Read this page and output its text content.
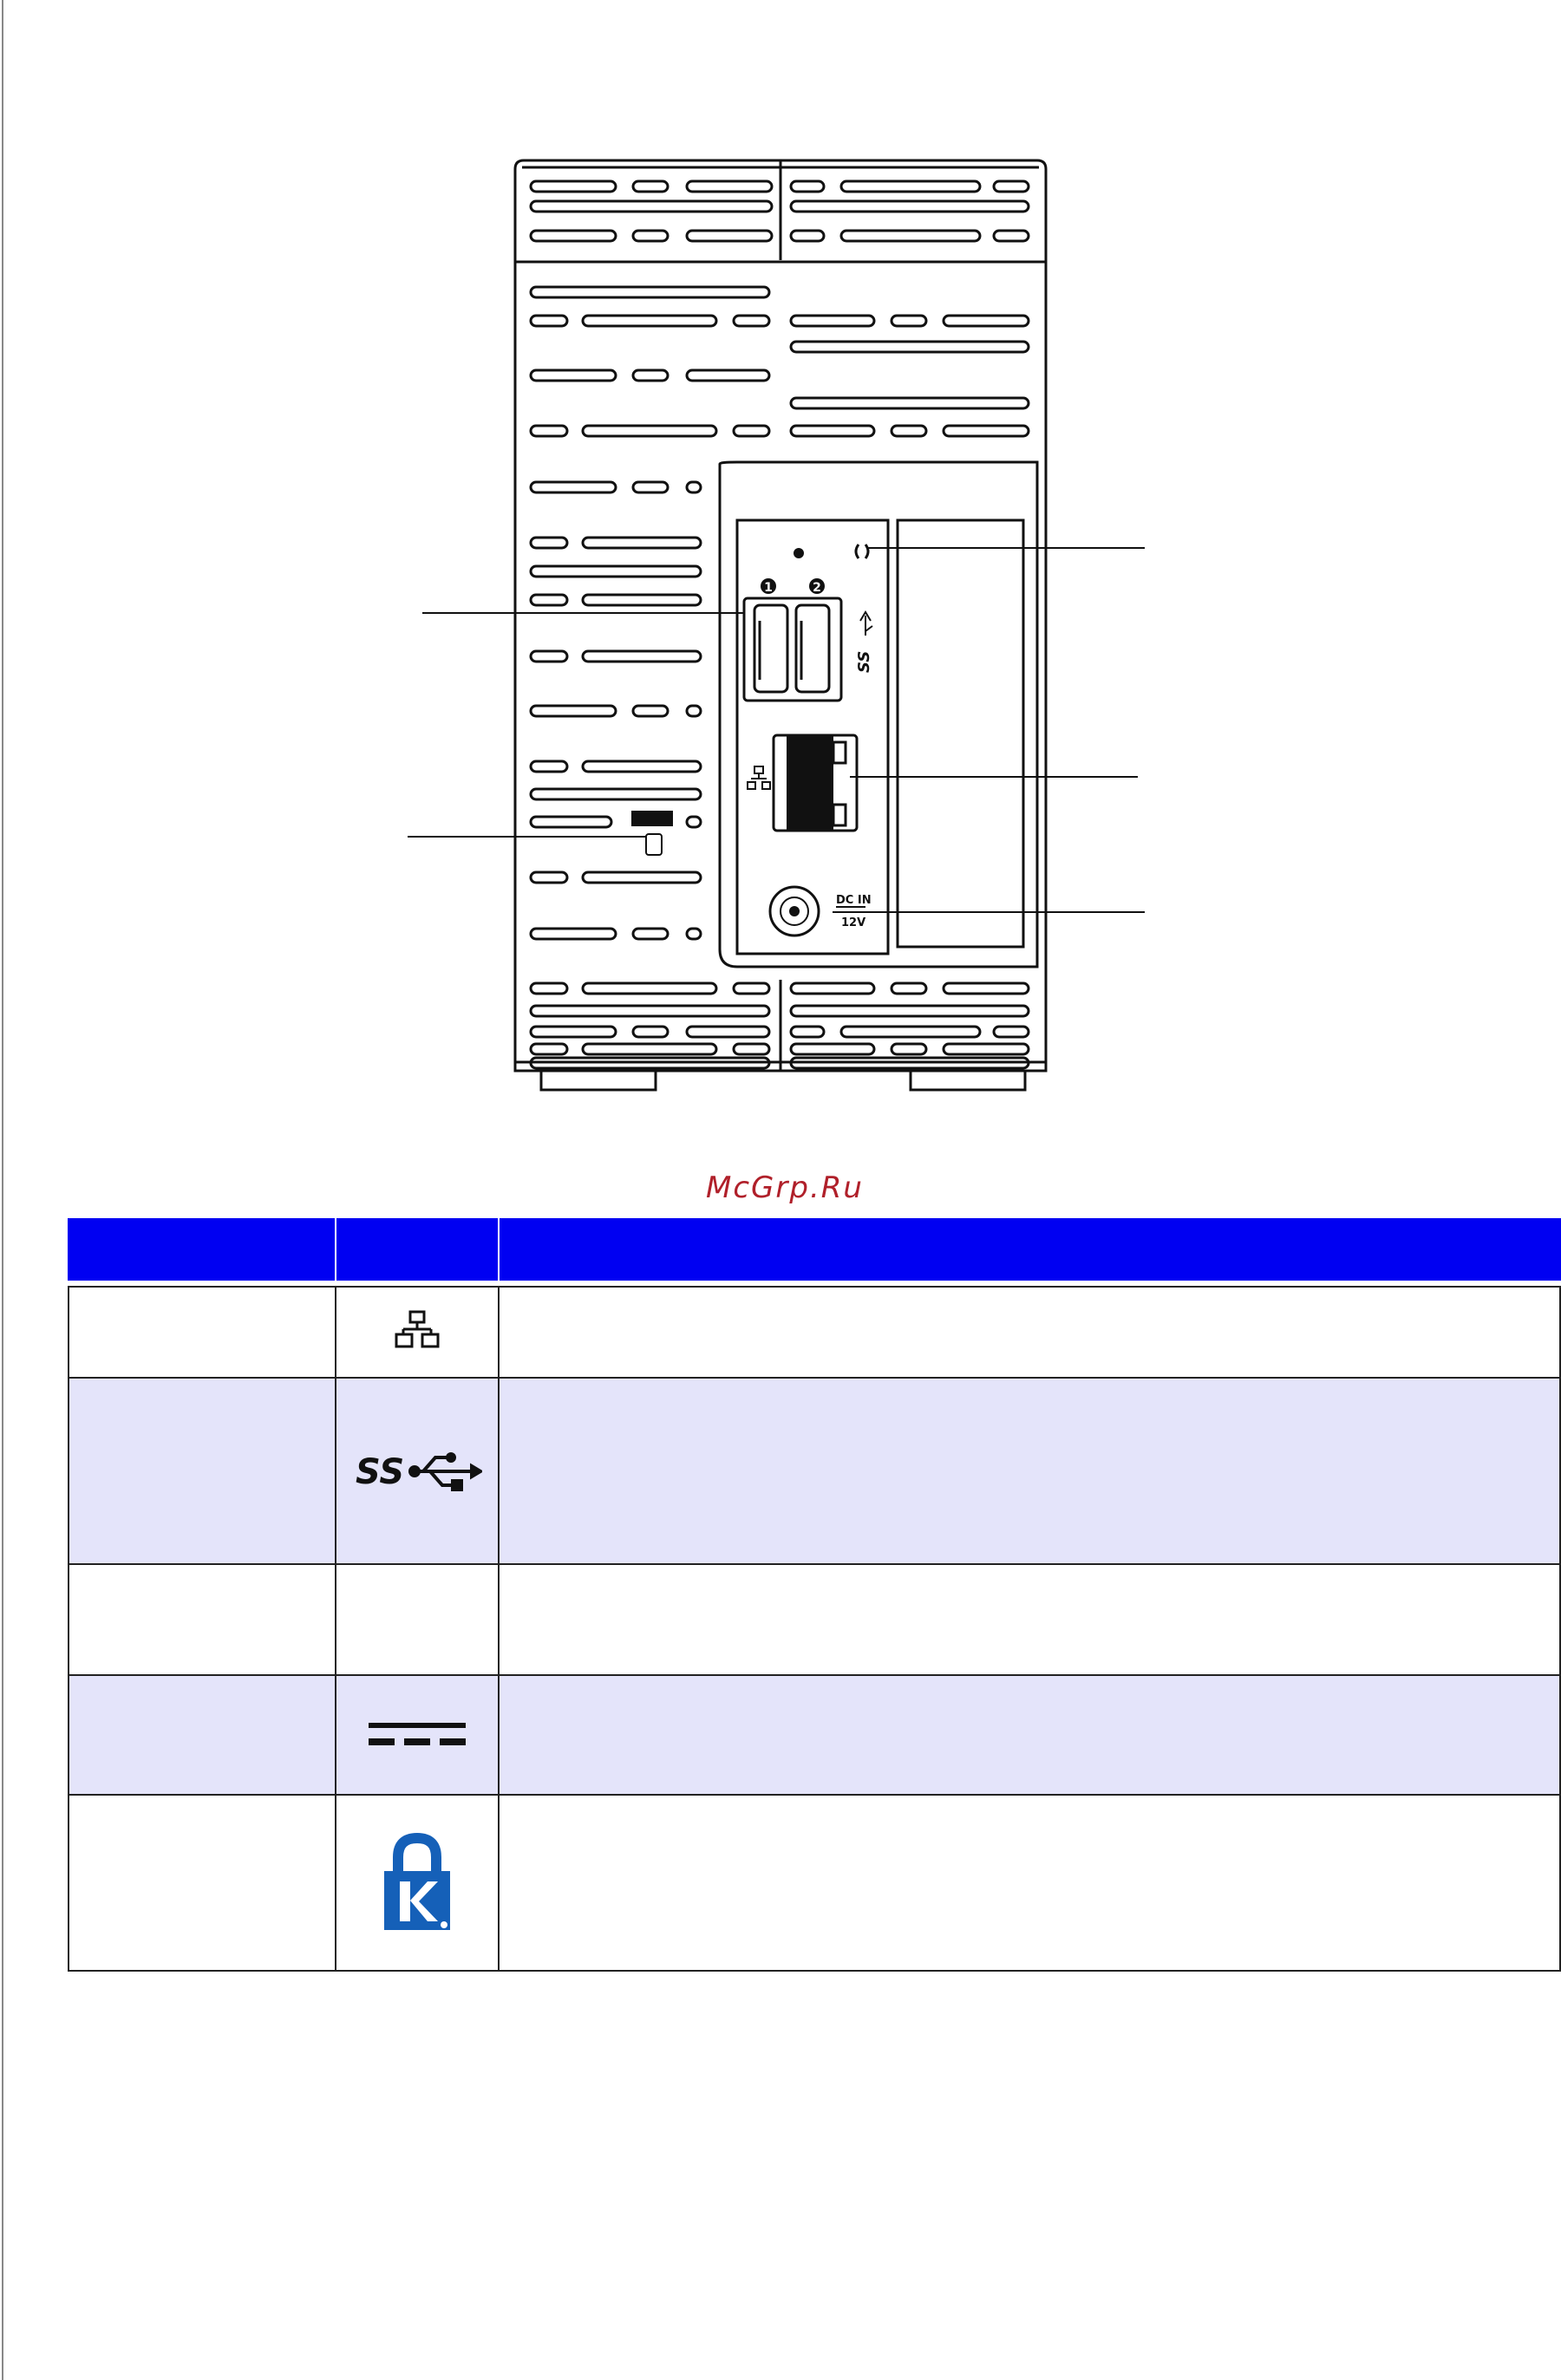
1	2
DC IN
12V
SS
McGrp.Ru

SS	
